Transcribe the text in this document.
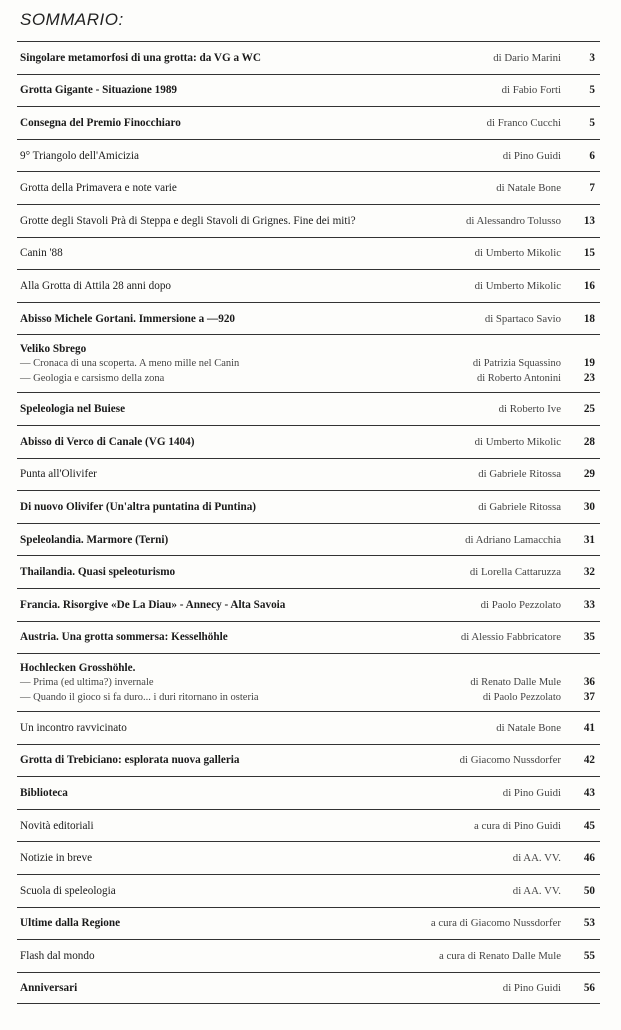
SOMMARIO:
Singolare metamorfosi di una grotta: da VG a WC	di Dario Marini	3
Grotta Gigante - Situazione 1989	di Fabio Forti	5
Consegna del Premio Finocchiaro	di Franco Cucchi	5
9° Triangolo dell'Amicizia	di Pino Guidi	6
Grotta della Primavera e note varie	di Natale Bone	7
Grotte degli Stavoli Prà di Steppa e degli Stavoli di Grignes. Fine dei miti?	di Alessandro Tolusso	13
Canin '88	di Umberto Mikolic	15
Alla Grotta di Attila 28 anni dopo	di Umberto Mikolic	16
Abisso Michele Gortani. Immersione a —920	di Spartaco Savio	18
Veliko Sbrego
— Cronaca di una scoperta. A meno mille nel Canin	di Patrizia Squassino	19
— Geologia e carsismo della zona	di Roberto Antonini	23
Speleologia nel Buiese	di Roberto Ive	25
Abisso di Verco di Canale (VG 1404)	di Umberto Mikolic	28
Punta all'Olivifer	di Gabriele Ritossa	29
Di nuovo Olivifer (Un'altra puntatina di Puntina)	di Gabriele Ritossa	30
Speleolandia. Marmore (Terni)	di Adriano Lamacchia	31
Thailandia. Quasi speleoturismo	di Lorella Cattaruzza	32
Francia. Risorgive «De La Diau» - Annecy - Alta Savoia	di Paolo Pezzolato	33
Austria. Una grotta sommersa: Kesselhöhle	di Alessio Fabbricatore	35
Hochlecken Grosshöhle.
— Prima (ed ultima?) invernale	di Renato Dalle Mule	36
— Quando il gioco si fa duro... i duri ritornano in osteria	di Paolo Pezzolato	37
Un incontro ravvicinato	di Natale Bone	41
Grotta di Trebiciano: esplorata nuova galleria	di Giacomo Nussdorfer	42
Biblioteca	di Pino Guidi	43
Novità editoriali	a cura di Pino Guidi	45
Notizie in breve	di AA. VV.	46
Scuola di speleologia	di AA. VV.	50
Ultime dalla Regione	a cura di Giacomo Nussdorfer	53
Flash dal mondo	a cura di Renato Dalle Mule	55
Anniversari	di Pino Guidi	56
